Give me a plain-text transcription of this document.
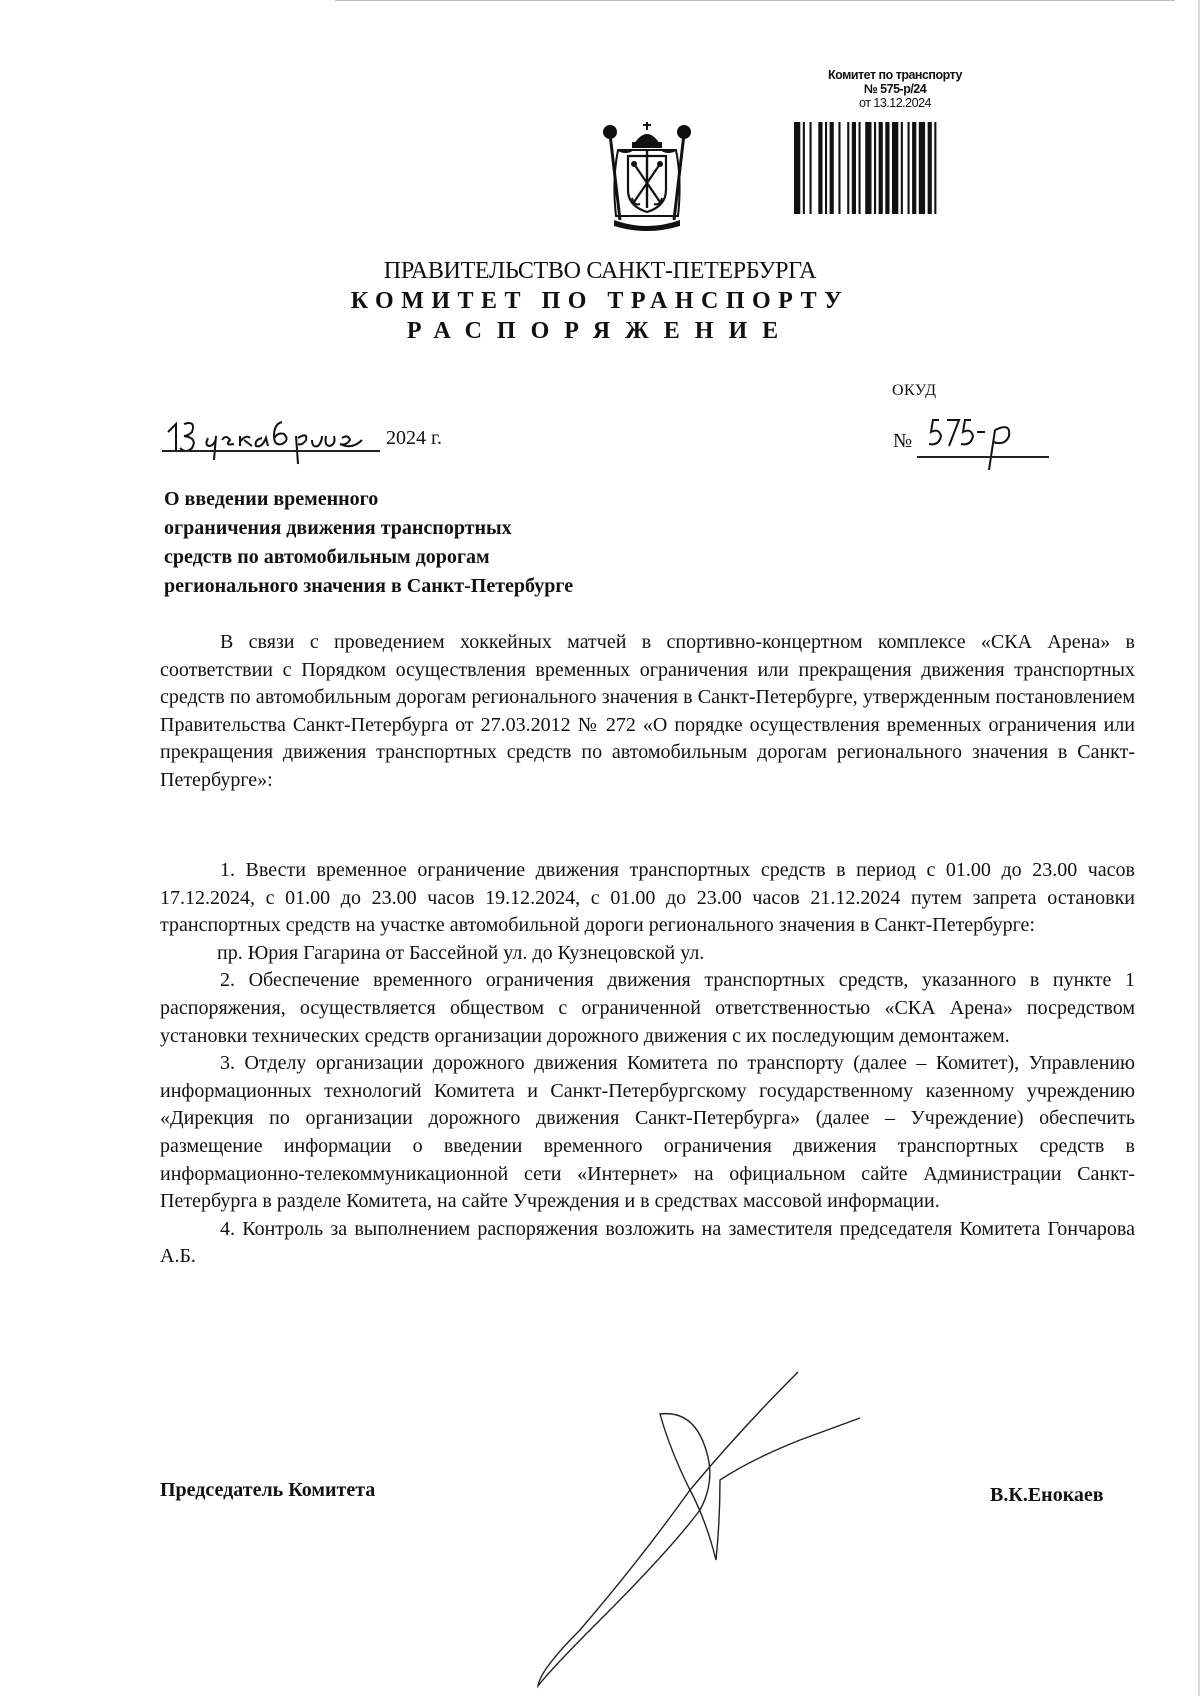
Комитет по транспорту
№ 575-р/24
от 13.12.2024
ПРАВИТЕЛЬСТВО САНКТ-ПЕТЕРБУРГА
КОМИТЕТ ПО ТРАНСПОРТУ
РАСПОРЯЖЕНИЕ
ОКУД
2024 г.	№
О введении временного
ограничения движения транспортных
средств по автомобильным дорогам
регионального значения в Санкт-Петербурге

В связи с проведением хоккейных матчей в спортивно-концертном комплексе «СКА Арена» в соответствии с Порядком осуществления временных ограничения или прекращения движения транспортных средств по автомобильным дорогам регионального значения в Санкт-Петербурге, утвержденным постановлением Правительства Санкт-Петербурга от 27.03.2012 № 272 «О порядке осуществления временных ограничения или прекращения движения транспортных средств по автомобильным дорогам регионального значения в Санкт-Петербурге»:

1. Ввести временное ограничение движения транспортных средств в период с 01.00 до 23.00 часов 17.12.2024, с 01.00 до 23.00 часов 19.12.2024, с 01.00 до 23.00 часов 21.12.2024 путем запрета остановки транспортных средств на участке автомобильной дороги регионального значения в Санкт-Петербурге:

пр. Юрия Гагарина от Бассейной ул. до Кузнецовской ул.

2. Обеспечение временного ограничения движения транспортных средств, указанного в пункте 1 распоряжения, осуществляется обществом с ограниченной ответственностью «СКА Арена» посредством установки технических средств организации дорожного движения с их последующим демонтажем.

3. Отделу организации дорожного движения Комитета по транспорту (далее – Комитет), Управлению информационных технологий Комитета и Санкт-Петербургскому государственному казенному учреждению «Дирекция по организации дорожного движения Санкт-Петербурга» (далее – Учреждение) обеспечить размещение информации о введении временного ограничения движения транспортных средств в информационно-телекоммуникационной сети «Интернет» на официальном сайте Администрации Санкт-Петербурга в разделе Комитета, на сайте Учреждения и в средствах массовой информации.

4. Контроль за выполнением распоряжения возложить на заместителя председателя Комитета Гончарова А.Б.

Председатель Комитета	В.К.Енокаев
